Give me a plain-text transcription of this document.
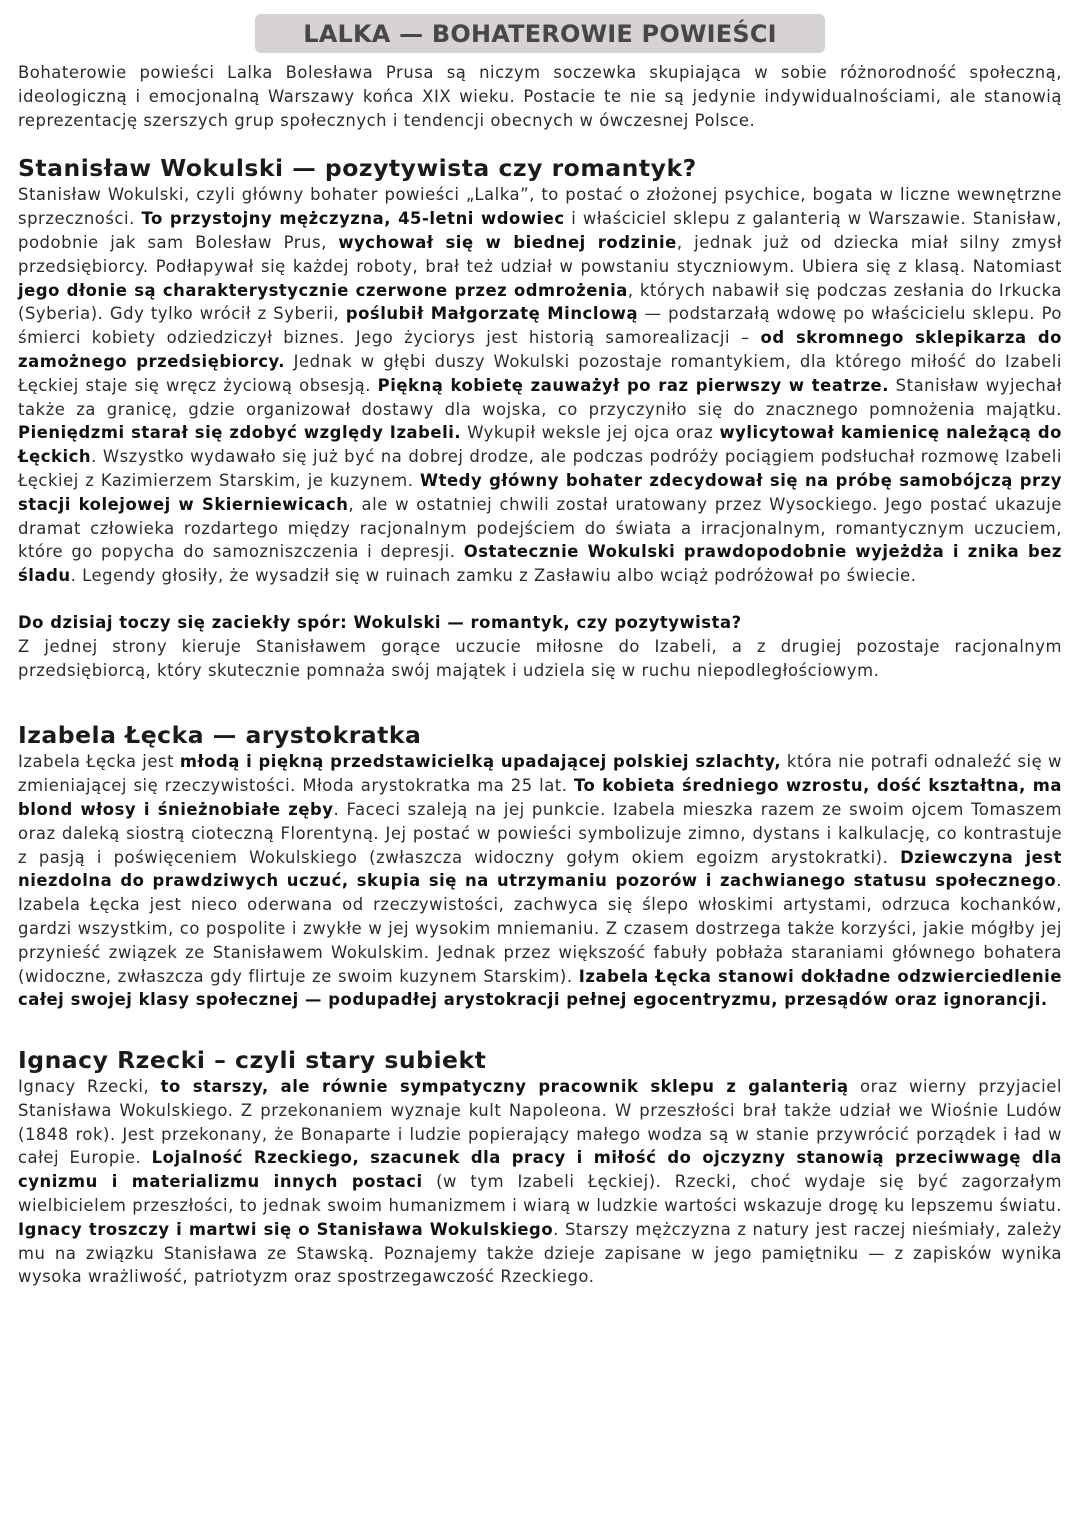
LALKA — BOHATEROWIE POWIEŚCI

Bohaterowie powieści Lalka Bolesława Prusa są niczym soczewka skupiająca w sobie różnorodność społeczną, ideologiczną i emocjonalną Warszawy końca XIX wieku. Postacie te nie są jedynie indywidualnościami, ale stanowią reprezentację szerszych grup społecznych i tendencji obecnych w ówczesnej Polsce.

Stanisław Wokulski — pozytywista czy romantyk?

Stanisław Wokulski, czyli główny bohater powieści „Lalka”, to postać o złożonej psychice, bogata w liczne wewnętrzne sprzeczności. To przystojny mężczyzna, 45-letni wdowiec i właściciel sklepu z galanterią w Warszawie. Stanisław, podobnie jak sam Bolesław Prus, wychował się w biednej rodzinie, jednak już od dziecka miał silny zmysł przedsiębiorcy. Podłapywał się każdej roboty, brał też udział w powstaniu styczniowym. Ubiera się z klasą. Natomiast jego dłonie są charakterystycznie czerwone przez odmrożenia, których nabawił się podczas zesłania do Irkucka (Syberia). Gdy tylko wrócił z Syberii, poślubił Małgorzatę Minclową — podstarzałą wdowę po właścicielu sklepu. Po śmierci kobiety odziedziczył biznes. Jego życiorys jest historią samorealizacji – od skromnego sklepikarza do zamożnego przedsiębiorcy. Jednak w głębi duszy Wokulski pozostaje romantykiem, dla którego miłość do Izabeli Łęckiej staje się wręcz życiową obsesją. Piękną kobietę zauważył po raz pierwszy w teatrze. Stanisław wyjechał także za granicę, gdzie organizował dostawy dla wojska, co przyczyniło się do znacznego pomnożenia majątku. Pieniędzmi starał się zdobyć względy Izabeli. Wykupił weksle jej ojca oraz wylicytował kamienicę należącą do Łęckich. Wszystko wydawało się już być na dobrej drodze, ale podczas podróży pociągiem podsłuchał rozmowę Izabeli Łęckiej z Kazimierzem Starskim, je kuzynem. Wtedy główny bohater zdecydował się na próbę samobójczą przy stacji kolejowej w Skierniewicach, ale w ostatniej chwili został uratowany przez Wysockiego. Jego postać ukazuje dramat człowieka rozdartego między racjonalnym podejściem do świata a irracjonalnym, romantycznym uczuciem, które go popycha do samozniszczenia i depresji. Ostatecznie Wokulski prawdopodobnie wyjeżdża i znika bez śladu. Legendy głosiły, że wysadził się w ruinach zamku z Zasławiu albo wciąż podróżował po świecie.

Do dzisiaj toczy się zaciekły spór: Wokulski — romantyk, czy pozytywista?

Z jednej strony kieruje Stanisławem gorące uczucie miłosne do Izabeli, a z drugiej pozostaje racjonalnym przedsiębiorcą, który skutecznie pomnaża swój majątek i udziela się w ruchu niepodległościowym.

Izabela Łęcka — arystokratka

Izabela Łęcka jest młodą i piękną przedstawicielką upadającej polskiej szlachty, która nie potrafi odnaleźć się w zmieniającej się rzeczywistości. Młoda arystokratka ma 25 lat. To kobieta średniego wzrostu, dość kształtna, ma blond włosy i śnieżnobiałe zęby. Faceci szaleją na jej punkcie. Izabela mieszka razem ze swoim ojcem Tomaszem oraz daleką siostrą cioteczną Florentyną. Jej postać w powieści symbolizuje zimno, dystans i kalkulację, co kontrastuje z pasją i poświęceniem Wokulskiego (zwłaszcza widoczny gołym okiem egoizm arystokratki). Dziewczyna jest niezdolna do prawdziwych uczuć, skupia się na utrzymaniu pozorów i zachwianego statusu społecznego. Izabela Łęcka jest nieco oderwana od rzeczywistości, zachwyca się ślepo włoskimi artystami, odrzuca kochanków, gardzi wszystkim, co pospolite i zwykłe w jej wysokim mniemaniu. Z czasem dostrzega także korzyści, jakie mógłby jej przynieść związek ze Stanisławem Wokulskim. Jednak przez większość fabuły pobłaża staraniami głównego bohatera (widoczne, zwłaszcza gdy flirtuje ze swoim kuzynem Starskim). Izabela Łęcka stanowi dokładne odzwierciedlenie całej swojej klasy społecznej — podupadłej arystokracji pełnej egocentryzmu, przesądów oraz ignorancji.

Ignacy Rzecki – czyli stary subiekt

Ignacy Rzecki, to starszy, ale równie sympatyczny pracownik sklepu z galanterią oraz wierny przyjaciel Stanisława Wokulskiego. Z przekonaniem wyznaje kult Napoleona. W przeszłości brał także udział we Wiośnie Ludów (1848 rok). Jest przekonany, że Bonaparte i ludzie popierający małego wodza są w stanie przywrócić porządek i ład w całej Europie. Lojalność Rzeckiego, szacunek dla pracy i miłość do ojczyzny stanowią przeciwwagę dla cynizmu i materializmu innych postaci (w tym Izabeli Łęckiej). Rzecki, choć wydaje się być zagorzałym wielbicielem przeszłości, to jednak swoim humanizmem i wiarą w ludzkie wartości wskazuje drogę ku lepszemu światu. Ignacy troszczy i martwi się o Stanisława Wokulskiego. Starszy mężczyzna z natury jest raczej nieśmiały, zależy mu na związku Stanisława ze Stawską. Poznajemy także dzieje zapisane w jego pamiętniku — z zapisków wynika wysoka wrażliwość, patriotyzm oraz spostrzegawczość Rzeckiego.
